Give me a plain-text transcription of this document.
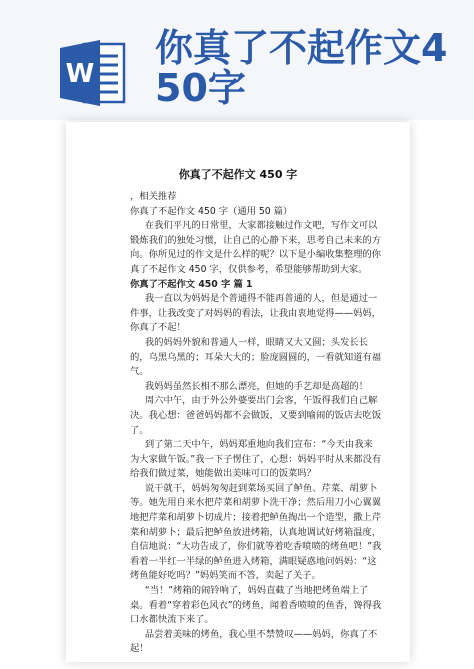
W
你真了不起作文4
50字
你真了不起作文 450 字

，相关推荐

你真了不起作文 450 字（通用 50 篇）

在我们平凡的日常里，大家都接触过作文吧，写作文可以锻炼我们的独处习惯，让自己的心静下来，思考自己未来的方向。你所见过的作文是什么样的呢？以下是小编收集整理的你真了不起作文 450 字，仅供参考，希望能够帮助到大家。

你真了不起作文 450 字 篇 1

我一直以为妈妈是个普通得不能再普通的人，但是通过一件事，让我改变了对妈妈的看法，让我由衷地觉得——妈妈，你真了不起！

我的妈妈外貌和普通人一样，眼睛又大又圆；头发长长的，乌黑乌黑的；耳朵大大的；脸庞圆圆的，一看就知道有福气。

我妈妈虽然长相不那么漂亮，但她的手艺却是高超的！

周六中午，由于外公外婆要出门会客，午饭得我们自己解决。我心想：爸爸妈妈都不会做饭，又要到喻闹的饭店去吃饭了。

到了第二天中午，妈妈郑重地向我们宣布：“今天由我来为大家做午饭。”我一下子愣住了，心想：妈妈平时从来都没有给我们做过菜，她能做出美味可口的饭菜吗？

说干就干，妈妈匆匆赶到菜场买回了鲈鱼、芹菜、胡萝卜等。她先用自来水把芹菜和胡萝卜洗干净；然后用刀小心翼翼地把芹菜和胡萝卜切成片；接着把鲈鱼掏出一个造型，撒上芹菜和胡萝卜；最后把鲈鱼放进烤箱，认真地调试好烤箱温度，自信地说：“大功告成了，你们就等着吃香喷喷的烤鱼吧！”我看着一半红一半绿的鲈鱼进入烤箱，满眼疑惑地问妈妈：“这烤鱼能好吃吗？”妈妈笑而不答，卖起了关子。

“当！”烤箱的闹铃响了，妈妈直截了当地把烤鱼端上了桌。看着“穿着彩色风衣”的烤鱼，闻着香喷喷的鱼香，馋得我口水都快流下来了。

品尝着美味的烤鱼，我心里不禁赞叹——妈妈，你真了不起！
